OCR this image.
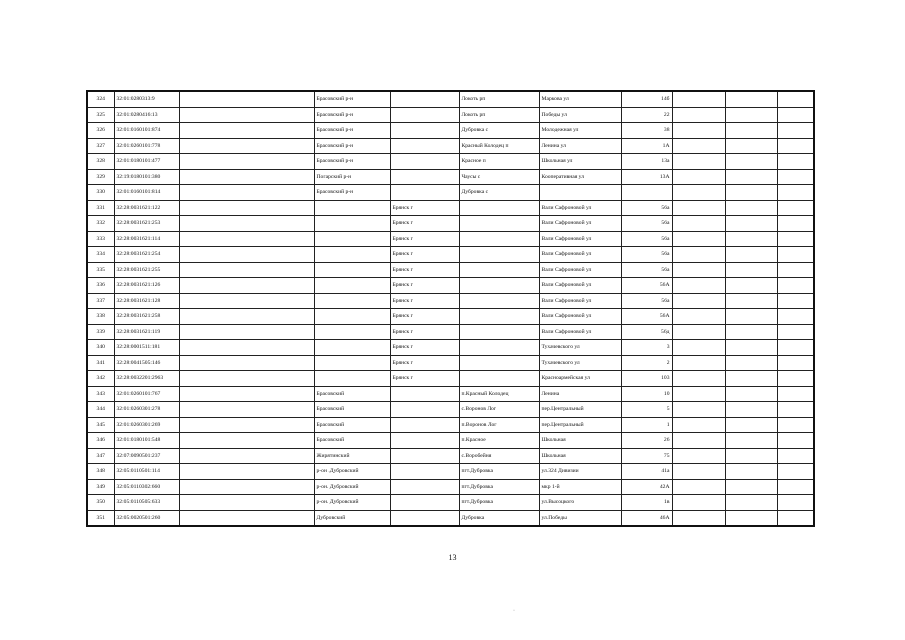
324	32:01:0280313:9		Брасовский р-н		Локоть рп	Маркова ул	14б			
325	32:01:0280416:13		Брасовский р-н		Локоть рп	Победы ул	22			
326	32:01:0160101:874		Брасовский р-н		Дубровка с	Молодежная ул	38			
327	32:01:0260101:778		Брасовский р-н		Красный Колодец п	Ленина ул	1А			
328	32:01:0180101:477		Брасовский р-н		Красное п	Школьная ул	13а			
329	32:19:0180101:380		Погарский р-н		Чаусы с	Кооперативная ул	13А			
330	32:01:0160101:814		Брасовский р-н		Дубровка с					
331	32:28:0031621:122			Брянск г		Вали Сафроновой ул	56а			
332	32:28:0031621:253			Брянск г		Вали Сафроновой ул	56а			
333	32:28:0031621:114			Брянск г		Вали Сафроновой ул	56а			
334	32:28:0031621:254			Брянск г		Вали Сафроновой ул	56а			
335	32:28:0031621:255			Брянск г		Вали Сафроновой ул	56а			
336	32:28:0031621:126			Брянск г		Вали Сафроновой ул	56А			
337	32:28:0031621:128			Брянск г		Вали Сафроновой ул	56а			
338	32:28:0031621:258			Брянск г		Вали Сафроновой ул	56А			
339	32:28:0031621:119			Брянск г		Вали Сафроновой ул	56д			
340	32:28:0001511:181			Брянск г		Тухачевского ул	3			
341	32:28:0041505:146			Брянск г		Тухачевского ул	2			
342	32:28:0032201:2963			Брянск г		Красноармейская ул	103			
343	32:01:0260101:767		Брасовский		п.Красный Колодец	Ленина	10			
344	32:01:0260301:278		Брасовский		с.Воронов Лог	пер.Центральный	5			
345	32:01:0260301:269		Брасовский		п.Воронов Лог	пер.Центральный	1			
346	32:01:0180101:548		Брасовский		п.Красное	Школьная	26			
347	32:07:0090501:237		Жирятинский		с.Воробейня	Школьная	75			
348	32:05:0110501:114		р-он .Дубровский		пгт.Дубровка	ул.324 Дивизии	41а			
349	32:05:0110302:660		р-он. Дубровский		пгт.Дубровка	мкр 1-й	42А			
350	32:05:0110505:633		р-он. Дубровский		пгт.Дубровка	ул.Высоцкого	1в			
351	32:05:0020501:260		Дубровский		Дубровка	ул.Победы	46А			
13
·
